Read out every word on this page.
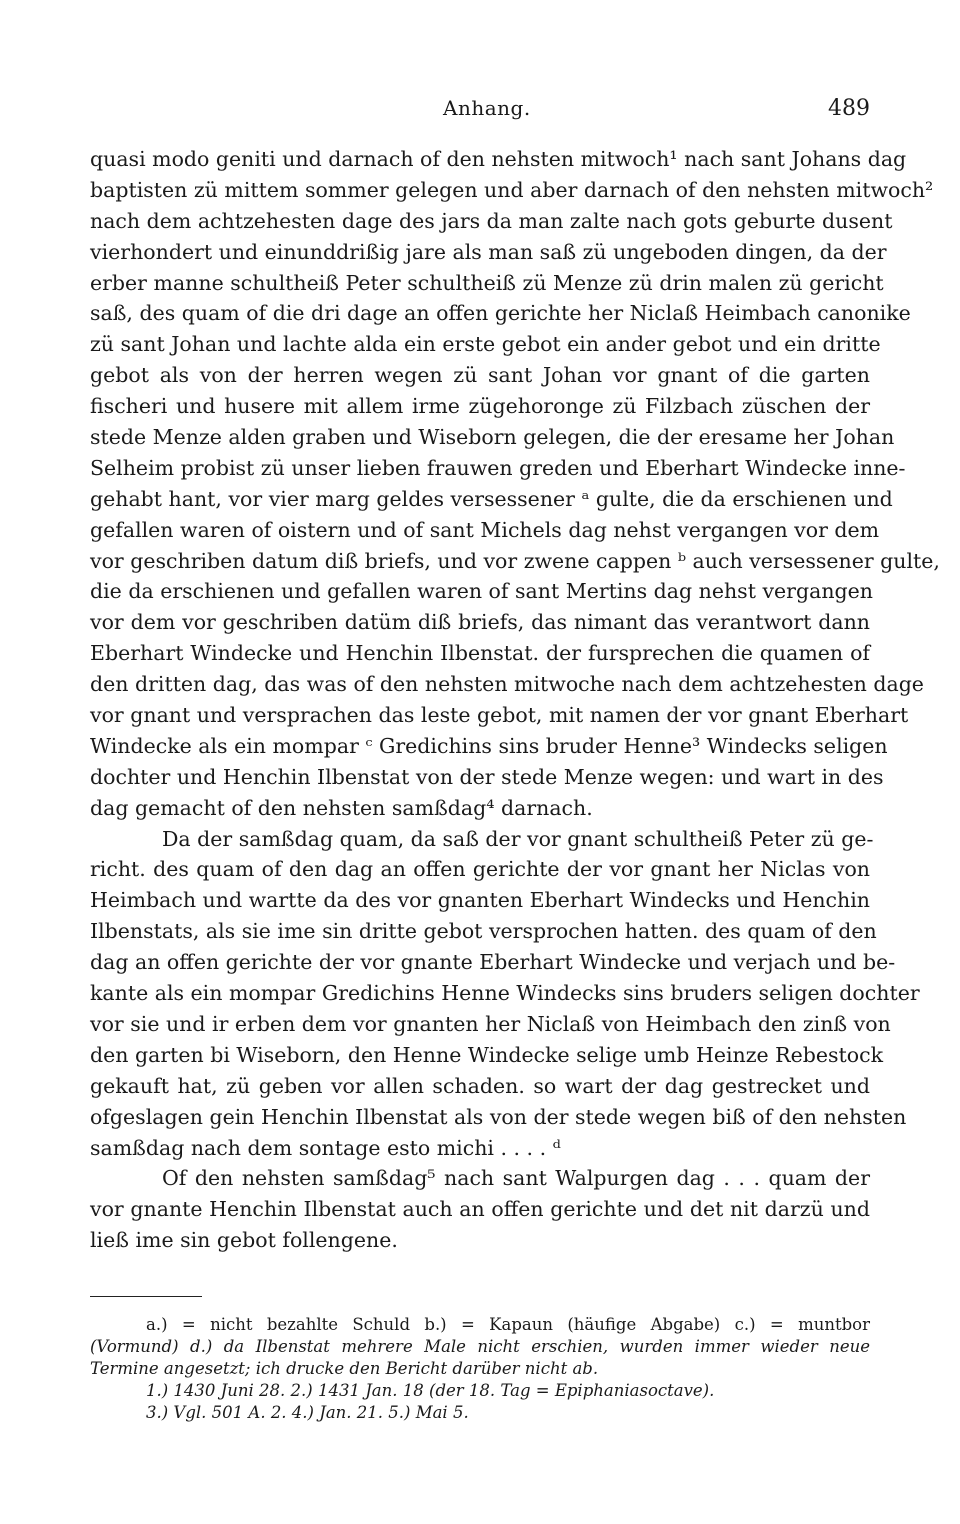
Anhang.	489
quasi modo geniti und darnach of den nehsten mitwoch¹ nach sant Johans dag
baptisten zü mittem sommer gelegen und aber darnach of den nehsten mitwoch²
nach dem achtzehesten dage des jars da man zalte nach gots geburte dusent
vierhondert und einunddrißig jare als man saß zü ungeboden dingen, da der
erber manne schultheiß Peter schultheiß zü Menze zü drin malen zü gericht
saß, des quam of die dri dage an offen gerichte her Niclaß Heimbach canonike
zü sant Johan und lachte alda ein erste gebot ein ander gebot und ein dritte
gebot als von der herren wegen zü sant Johan vor gnant of die garten
fischeri und husere mit allem irme zügehoronge zü Filzbach züschen der
stede Menze alden graben und Wiseborn gelegen, die der eresame her Johan
Selheim probist zü unser lieben frauwen greden und Eberhart Windecke inne-
gehabt hant, vor vier marg geldes versessener ᵃ gulte, die da erschienen und
gefallen waren of oistern und of sant Michels dag nehst vergangen vor dem
vor geschriben datum diß briefs, und vor zwene cappen ᵇ auch versessener gulte,
die da erschienen und gefallen waren of sant Mertins dag nehst vergangen
vor dem vor geschriben datüm diß briefs, das nimant das verantwort dann
Eberhart Windecke und Henchin Ilbenstat. der fursprechen die quamen of
den dritten dag, das was of den nehsten mitwoche nach dem achtzehesten dage
vor gnant und versprachen das leste gebot, mit namen der vor gnant Eberhart
Windecke als ein mompar ᶜ Gredichins sins bruder Henne³ Windecks seligen
dochter und Henchin Ilbenstat von der stede Menze wegen: und wart in des
dag gemacht of den nehsten samßdag⁴ darnach.
Da der samßdag quam, da saß der vor gnant schultheiß Peter zü ge-
richt. des quam of den dag an offen gerichte der vor gnant her Niclas von
Heimbach und wartte da des vor gnanten Eberhart Windecks und Henchin
Ilbenstats, als sie ime sin dritte gebot versprochen hatten. des quam of den
dag an offen gerichte der vor gnante Eberhart Windecke und verjach und be-
kante als ein mompar Gredichins Henne Windecks sins bruders seligen dochter
vor sie und ir erben dem vor gnanten her Niclaß von Heimbach den zinß von
den garten bi Wiseborn, den Henne Windecke selige umb Heinze Rebestock
gekauft hat, zü geben vor allen schaden. so wart der dag gestrecket und
ofgeslagen gein Henchin Ilbenstat als von der stede wegen biß of den nehsten
samßdag nach dem sontage esto michi . . . . ᵈ
Of den nehsten samßdag⁵ nach sant Walpurgen dag . . . quam der
vor gnante Henchin Ilbenstat auch an offen gerichte und det nit darzü und
ließ ime sin gebot follengene.
a.) = nicht bezahlte Schuld b.) = Kapaun (häufige Abgabe) c.) = muntbor
(Vormund) d.) da Ilbenstat mehrere Male nicht erschien, wurden immer wieder neue
Termine angesetzt; ich drucke den Bericht darüber nicht ab.
1.) 1430 Juni 28. 2.) 1431 Jan. 18 (der 18. Tag = Epiphaniasoctave).
3.) Vgl. 501 A. 2. 4.) Jan. 21. 5.) Mai 5.
